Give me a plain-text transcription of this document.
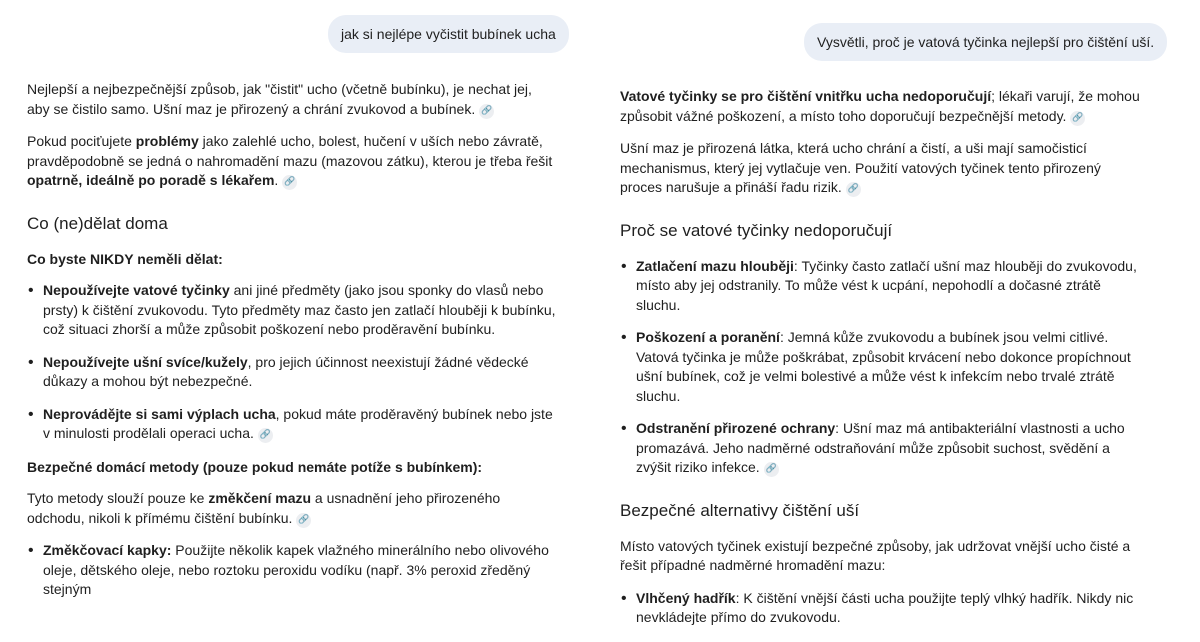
jak si nejlépe vyčistit bubínek ucha

Nejlepší a nejbezpečnější způsob, jak "čistit" ucho (včetně bubínku), je nechat jej, aby se čistilo samo. Ušní maz je přirozený a chrání zvukovod a bubínek. 🔗

Pokud pociťujete problémy jako zalehlé ucho, bolest, hučení v uších nebo závratě, pravděpodobně se jedná o nahromadění mazu (mazovou zátku), kterou je třeba řešit opatrně, ideálně po poradě s lékařem. 🔗

Co (ne)dělat doma
Co byste NIKDY neměli dělat:
• Nepoužívejte vatové tyčinky ani jiné předměty (jako jsou sponky do vlasů nebo prsty) k čištění zvukovodu. Tyto předměty maz často jen zatlačí hlouběji k bubínku, což situaci zhorší a může způsobit poškození nebo proděravění bubínku.
• Nepoužívejte ušní svíce/kužely, pro jejich účinnost neexistují žádné vědecké důkazy a mohou být nebezpečné.
• Neprovádějte si sami výplach ucha, pokud máte proděravěný bubínek nebo jste v minulosti prodělali operaci ucha. 🔗
Bezpečné domácí metody (pouze pokud nemáte potíže s bubínkem):

Tyto metody slouží pouze ke změkčení mazu a usnadnění jeho přirozeného odchodu, nikoli k přímému čištění bubínku. 🔗

• Změkčovací kapky: Použijte několik kapek vlažného minerálního nebo olivového oleje, dětského oleje, nebo roztoku peroxidu vodíku (např. 3% peroxid zředěný stejným
Vysvětli, proč je vatová tyčinka nejlepší pro čištění uší.

Vatové tyčinky se pro čištění vnitřku ucha nedoporučují; lékaři varují, že mohou způsobit vážné poškození, a místo toho doporučují bezpečnější metody. 🔗

Ušní maz je přirozená látka, která ucho chrání a čistí, a uši mají samočisticí mechanismus, který jej vytlačuje ven. Použití vatových tyčinek tento přirozený proces narušuje a přináší řadu rizik. 🔗

Proč se vatové tyčinky nedoporučují
• Zatlačení mazu hlouběji: Tyčinky často zatlačí ušní maz hlouběji do zvukovodu, místo aby jej odstranily. To může vést k ucpání, nepohodlí a dočasné ztrátě sluchu.
• Poškození a poranění: Jemná kůže zvukovodu a bubínek jsou velmi citlivé. Vatová tyčinka je může poškrábat, způsobit krvácení nebo dokonce propíchnout ušní bubínek, což je velmi bolestivé a může vést k infekcím nebo trvalé ztrátě sluchu.
• Odstranění přirozené ochrany: Ušní maz má antibakteriální vlastnosti a ucho promazává. Jeho nadměrné odstraňování může způsobit suchost, svědění a zvýšit riziko infekce. 🔗
Bezpečné alternativy čištění uší

Místo vatových tyčinek existují bezpečné způsoby, jak udržovat vnější ucho čisté a řešit případné nadměrné hromadění mazu:

• Vlhčený hadřík: K čištění vnější části ucha použijte teplý vlhký hadřík. Nikdy nic nevkládejte přímo do zvukovodu.
